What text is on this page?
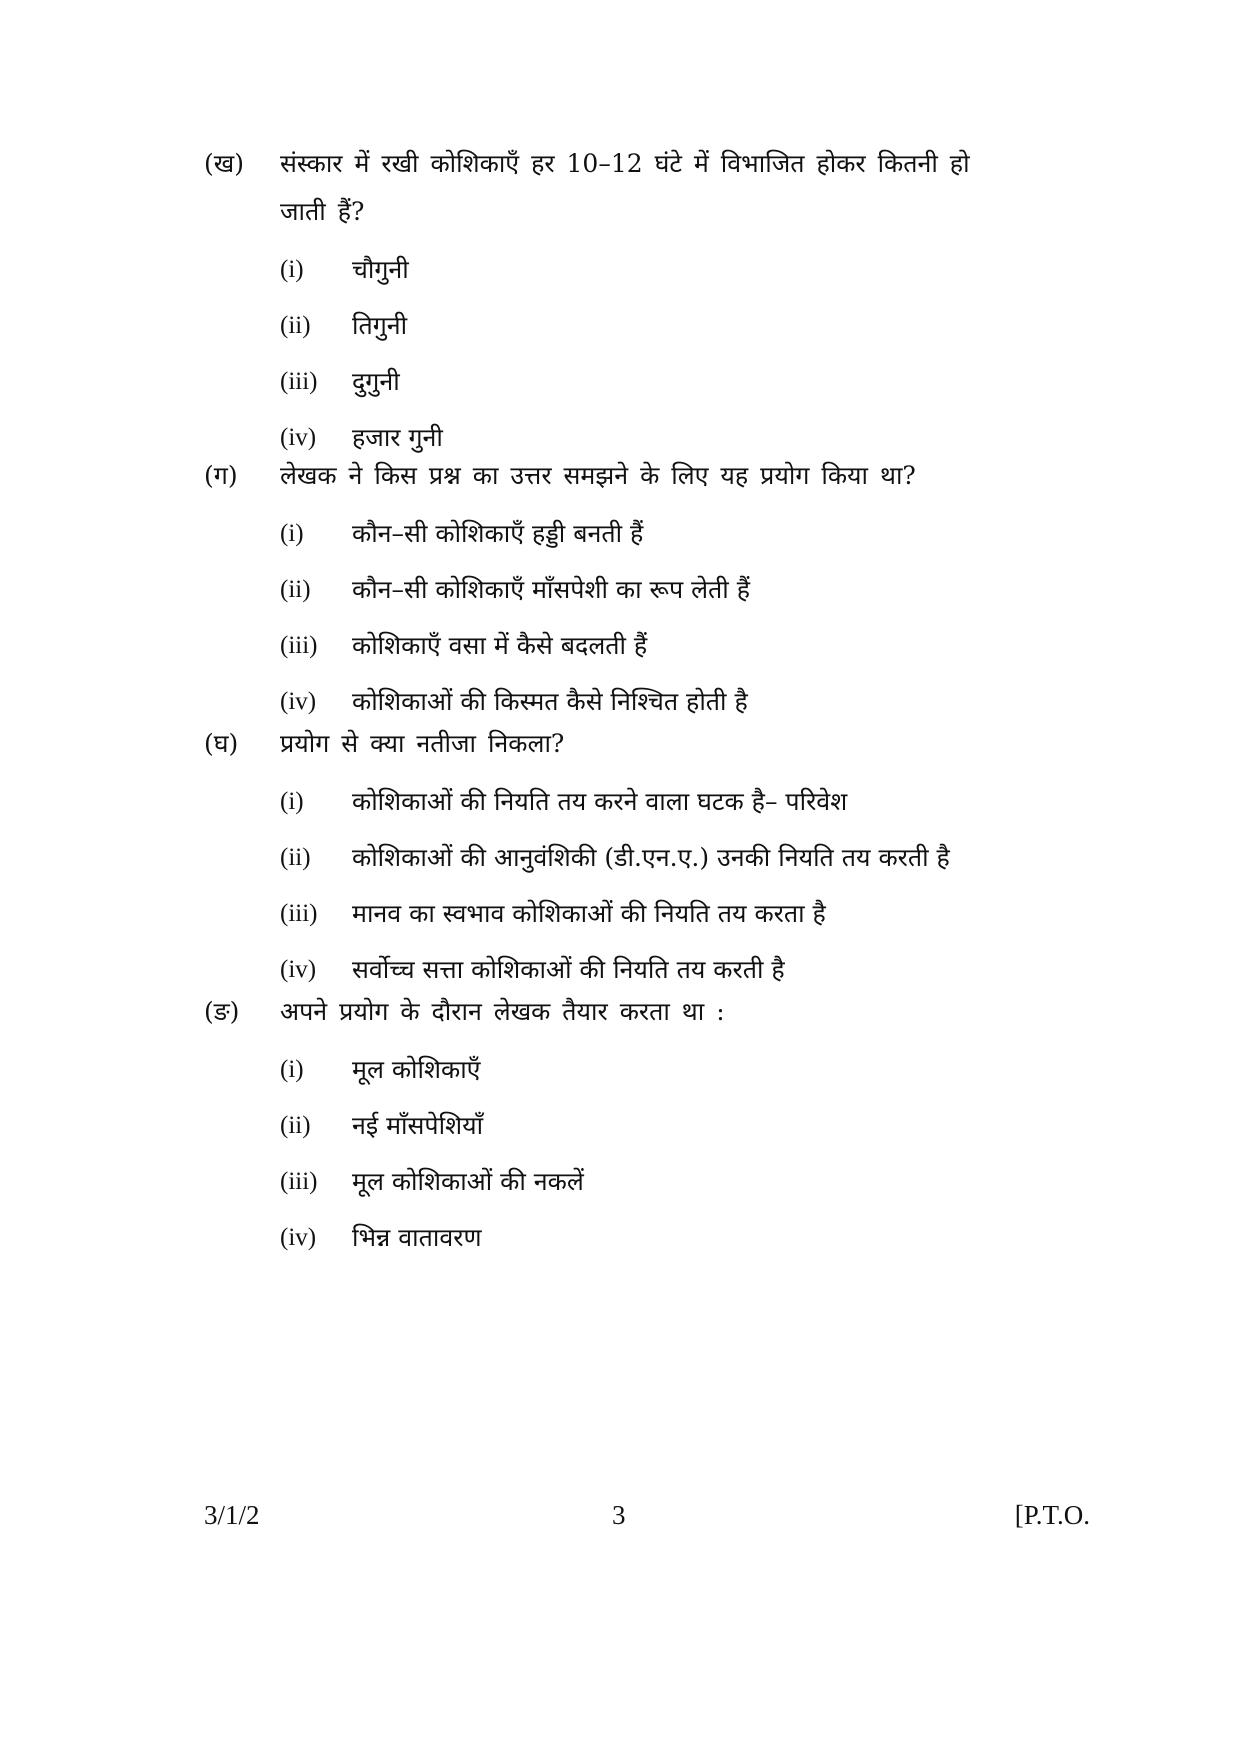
(ख)	संस्कार में रखी कोशिकाएँ हर 10–12 घंटे में विभाजित होकर कितनी हो जाती हैं?
(i)	चौगुनी
(ii)	तिगुनी
(iii)	दुगुनी
(iv)	हजार गुनी
(ग)	लेखक ने किस प्रश्न का उत्तर समझने के लिए यह प्रयोग किया था?
(i)	कौन–सी कोशिकाएँ हड्डी बनती हैं
(ii)	कौन–सी कोशिकाएँ माँसपेशी का रूप लेती हैं
(iii)	कोशिकाएँ वसा में कैसे बदलती हैं
(iv)	कोशिकाओं की किस्मत कैसे निश्चित होती है
(घ)	प्रयोग से क्या नतीजा निकला?
(i)	कोशिकाओं की नियति तय करने वाला घटक है– परिवेश
(ii)	कोशिकाओं की आनुवंशिकी (डी.एन.ए.) उनकी नियति तय करती है
(iii)	मानव का स्वभाव कोशिकाओं की नियति तय करता है
(iv)	सर्वोच्च सत्ता कोशिकाओं की नियति तय करती है
(ङ)	अपने प्रयोग के दौरान लेखक तैयार करता था :
(i)	मूल कोशिकाएँ
(ii)	नई माँसपेशियाँ
(iii)	मूल कोशिकाओं की नकलें
(iv)	भिन्न वातावरण
3/1/2	3	[P.T.O.
